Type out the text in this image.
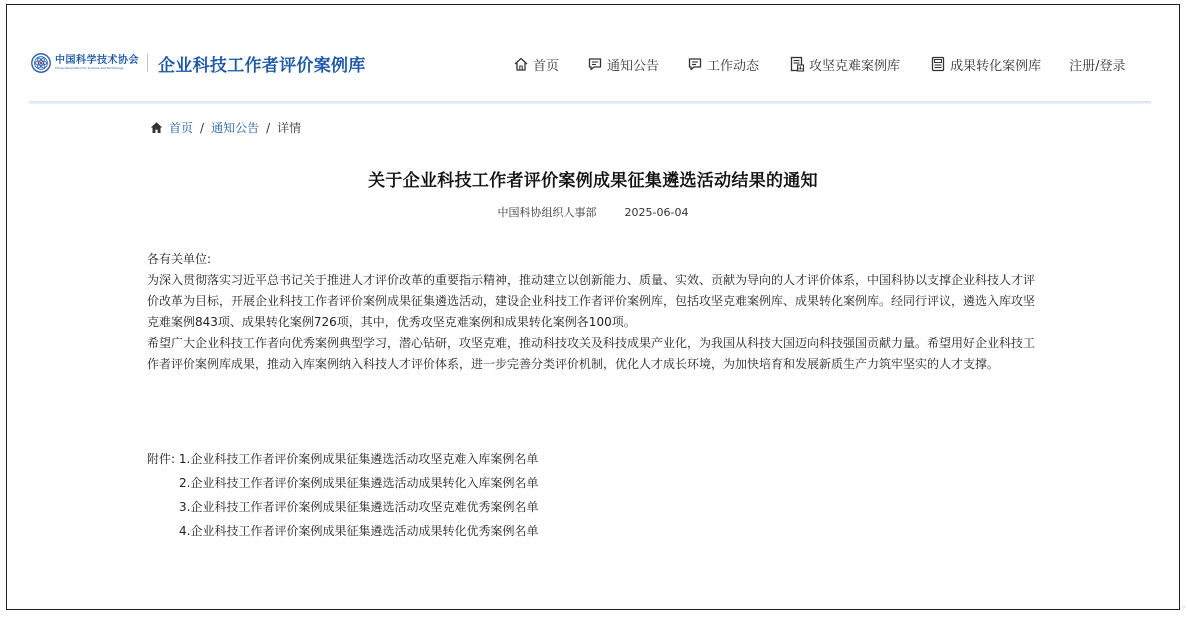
中国科学技术协会
China Association for Science and Technology	企业科技工作者评价案例库	首页	通知公告	工作动态	攻坚克难案例库	成果转化案例库 注册/登录
首页 / 通知公告 / 详情
关于企业科技工作者评价案例成果征集遴选活动结果的通知
中国科协组织人事部	2025-06-04

各有关单位:

为深入贯彻落实习近平总书记关于推进人才评价改革的重要指示精神，推动建立以创新能力、质量、实效、贡献为导向的人才评价体系，中国科协以支撑企业科技人才评价改革为目标，开展企业科技工作者评价案例成果征集遴选活动，建设企业科技工作者评价案例库，包括攻坚克难案例库、成果转化案例库。经同行评议，遴选入库攻坚克难案例843项、成果转化案例726项，其中，优秀攻坚克难案例和成果转化案例各100项。

希望广大企业科技工作者向优秀案例典型学习，潜心钻研，攻坚克难，推动科技攻关及科技成果产业化，为我国从科技大国迈向科技强国贡献力量。希望用好企业科技工作者评价案例库成果，推动入库案例纳入科技人才评价体系，进一步完善分类评价机制，优化人才成长环境，为加快培育和发展新质生产力筑牢坚实的人才支撑。

附件: 1.企业科技工作者评价案例成果征集遴选活动攻坚克难入库案例名单
2.企业科技工作者评价案例成果征集遴选活动成果转化入库案例名单
3.企业科技工作者评价案例成果征集遴选活动攻坚克难优秀案例名单
4.企业科技工作者评价案例成果征集遴选活动成果转化优秀案例名单
◦
